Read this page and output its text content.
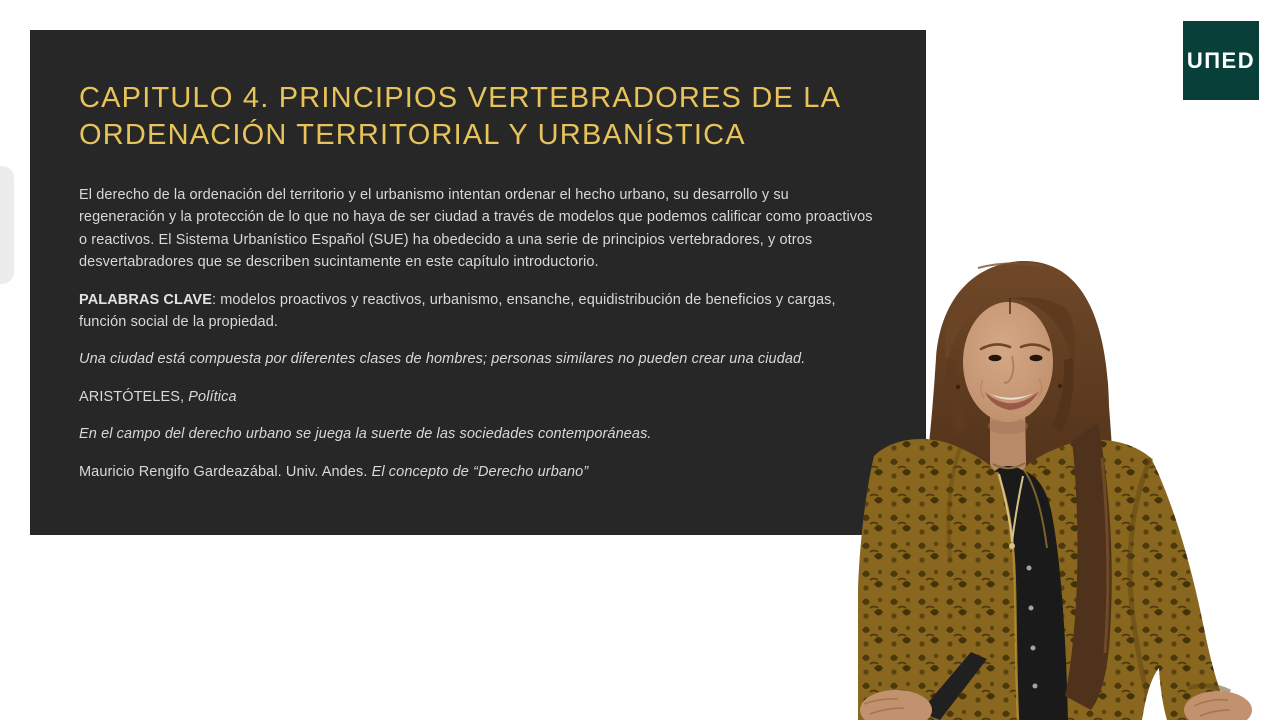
CAPITULO 4. PRINCIPIOS VERTEBRADORES DE LA
ORDENACIÓN TERRITORIAL Y URBANÍSTICA

El derecho de la ordenación del territorio y el urbanismo intentan ordenar el hecho urbano, su desarrollo y su regeneración y la protección de lo que no haya de ser ciudad a través de modelos que podemos calificar como proactivos o reactivos. El Sistema Urbanístico Español (SUE) ha obedecido a una serie de principios vertebradores, y otros desvertabradores que se describen sucintamente en este capítulo introductorio.

PALABRAS CLAVE: modelos proactivos y reactivos, urbanismo, ensanche, equidistribución de beneficios y cargas, función social de la propiedad.

Una ciudad está compuesta por diferentes clases de hombres; personas similares no pueden crear una ciudad.

ARISTÓTELES, Política

En el campo del derecho urbano se juega la suerte de las sociedades contemporáneas.

Mauricio Rengifo Gardeazábal. Univ. Andes. El concepto de “Derecho urbano”

UПED
